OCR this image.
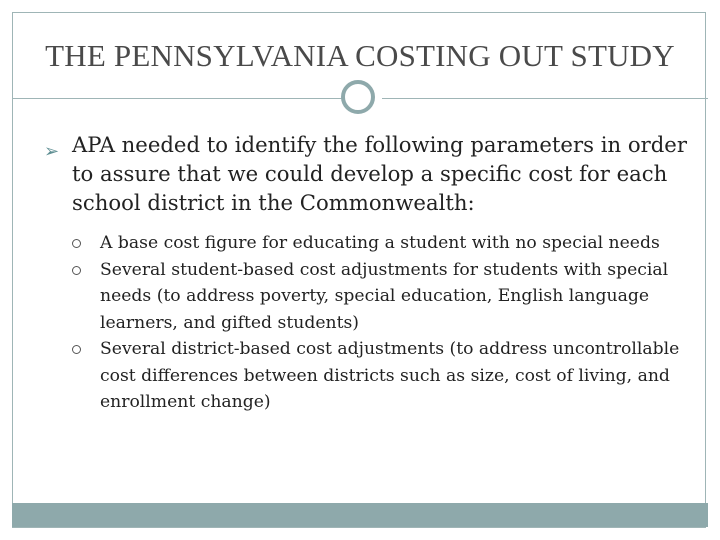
THE PENNSYLVANIA COSTING OUT STUDY
➢ APA needed to identify the following parameters in order to assure that we could develop a specific cost for each school district in the Commonwealth:
A base cost figure for educating a student with no special needs
Several student-based cost adjustments for students with special needs (to address poverty, special education, English language learners, and gifted students)
Several district-based cost adjustments (to address uncontrollable cost differences between districts such as size, cost of living, and enrollment change)
